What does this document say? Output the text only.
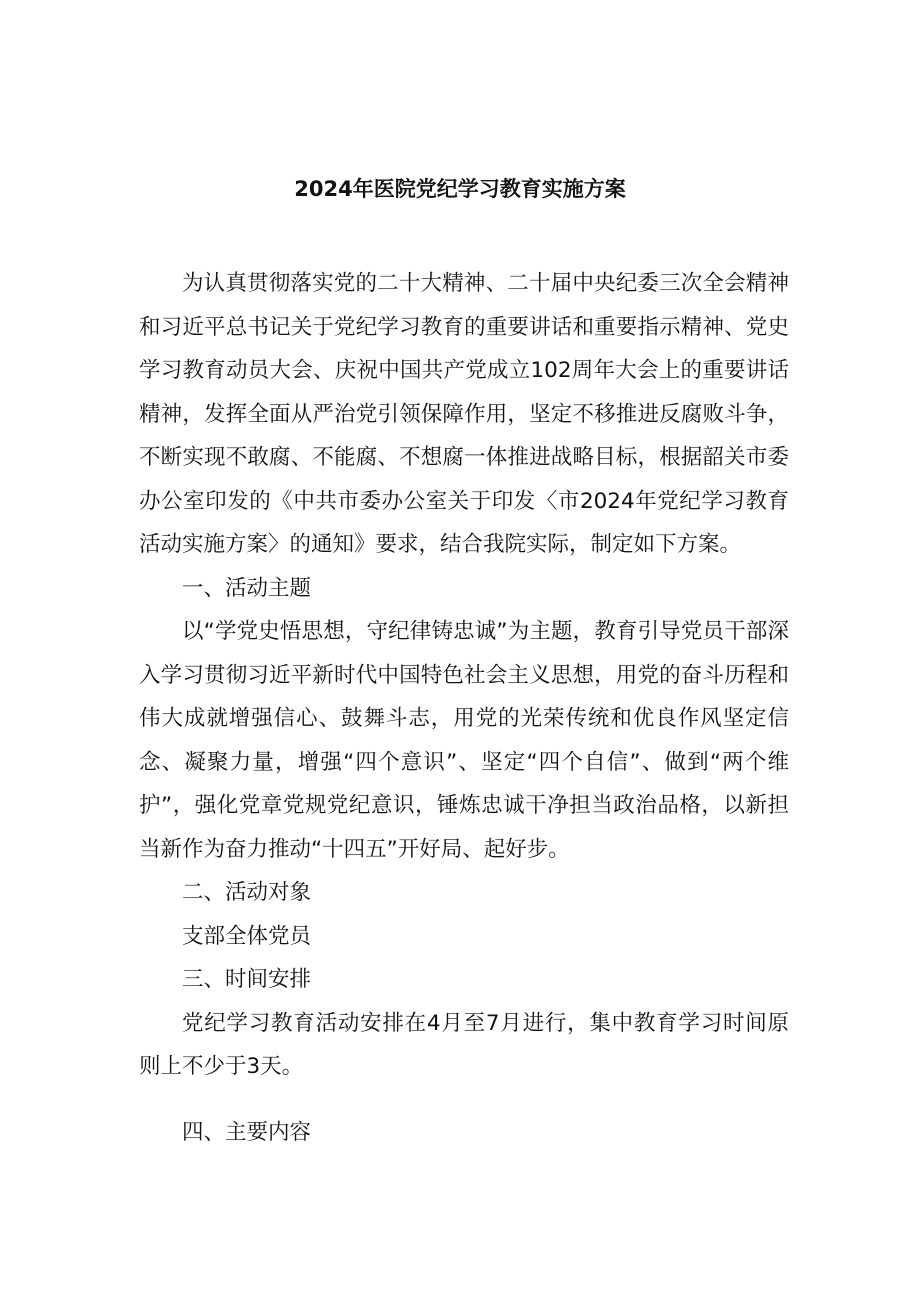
2024年医院党纪学习教育实施方案

为认真贯彻落实党的二十大精神、二十届中央纪委三次全会精神和习近平总书记关于党纪学习教育的重要讲话和重要指示精神、党史学习教育动员大会、庆祝中国共产党成立102周年大会上的重要讲话精神，发挥全面从严治党引领保障作用，坚定不移推进反腐败斗争，不断实现不敢腐、不能腐、不想腐一体推进战略目标，根据韶关市委办公室印发的《中共市委办公室关于印发〈市2024年党纪学习教育活动实施方案〉的通知》要求，结合我院实际，制定如下方案。

一、活动主题

以“学党史悟思想，守纪律铸忠诚”为主题，教育引导党员干部深入学习贯彻习近平新时代中国特色社会主义思想，用党的奋斗历程和伟大成就增强信心、鼓舞斗志，用党的光荣传统和优良作风坚定信念、凝聚力量，增强“四个意识”、坚定“四个自信”、做到“两个维护”，强化党章党规党纪意识，锤炼忠诚干净担当政治品格，以新担当新作为奋力推动“十四五”开好局、起好步。

二、活动对象

支部全体党员

三、时间安排

党纪学习教育活动安排在4月至7月进行，集中教育学习时间原则上不少于3天。

四、主要内容
